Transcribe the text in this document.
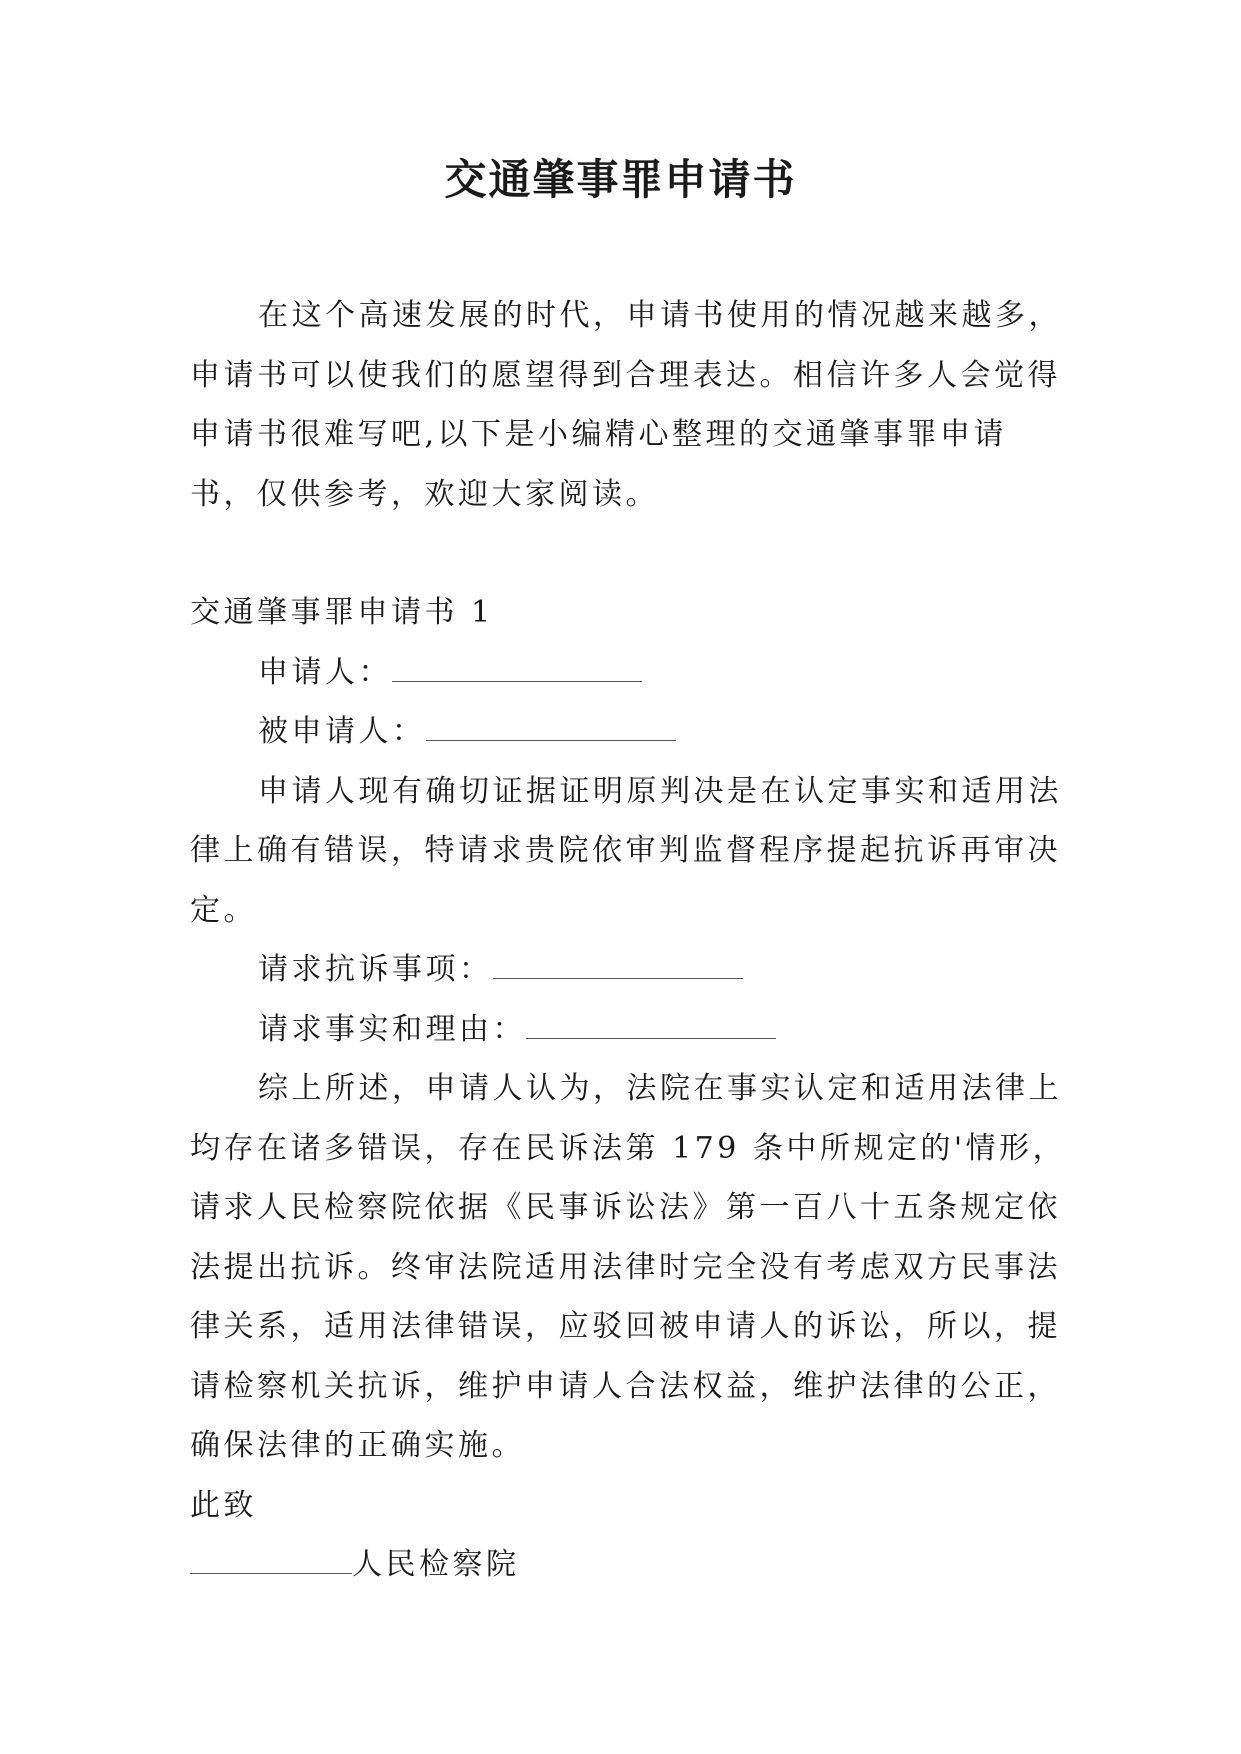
交通肇事罪申请书

在这个高速发展的时代，申请书使用的情况越来越多，申请书可以使我们的愿望得到合理表达。相信许多人会觉得申请书很难写吧,以下是小编精心整理的交通肇事罪申请书，仅供参考，欢迎大家阅读。

交通肇事罪申请书 1

申请人：

被申请人：

申请人现有确切证据证明原判决是在认定事实和适用法律上确有错误，特请求贵院依审判监督程序提起抗诉再审决定。

请求抗诉事项：

请求事实和理由：

综上所述，申请人认为，法院在事实认定和适用法律上均存在诸多错误，存在民诉法第 179 条中所规定的'情形，请求人民检察院依据《民事诉讼法》第一百八十五条规定依法提出抗诉。终审法院适用法律时完全没有考虑双方民事法律关系，适用法律错误，应驳回被申请人的诉讼，所以，提请检察机关抗诉，维护申请人合法权益，维护法律的公正，确保法律的正确实施。

此致

人民检察院
